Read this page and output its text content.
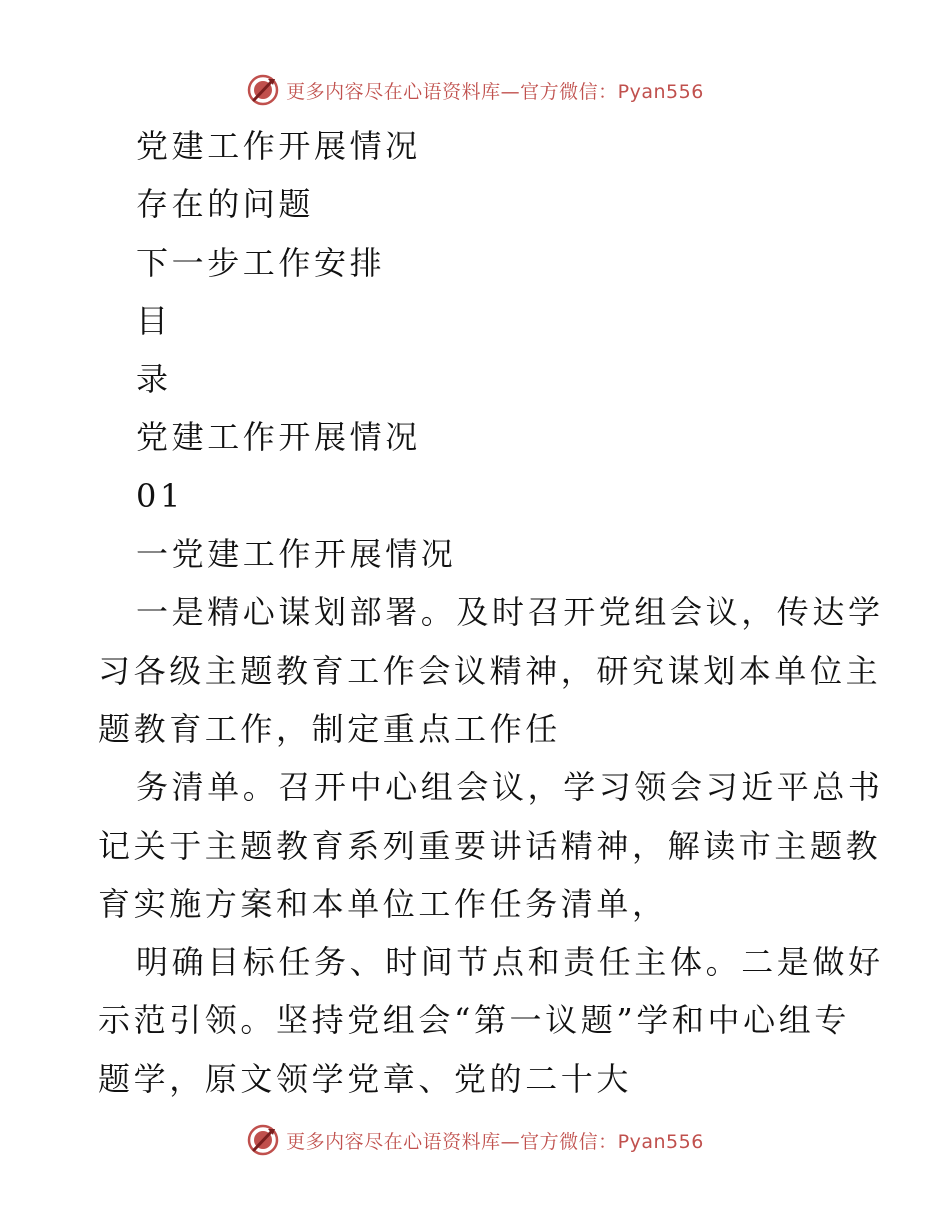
更多内容尽在心语资料库—官方微信：Pyan556
党建工作开展情况
存在的问题
下一步工作安排
目
录
党建工作开展情况
01
一党建工作开展情况
一是精心谋划部署。及时召开党组会议，传达学
习各级主题教育工作会议精神，研究谋划本单位主
题教育工作，制定重点工作任
务清单。召开中心组会议，学习领会习近平总书
记关于主题教育系列重要讲话精神，解读市主题教
育实施方案和本单位工作任务清单，
明确目标任务、时间节点和责任主体。二是做好
示范引领。坚持党组会“第一议题”学和中心组专
题学，原文领学党章、党的二十大
更多内容尽在心语资料库—官方微信：Pyan556
